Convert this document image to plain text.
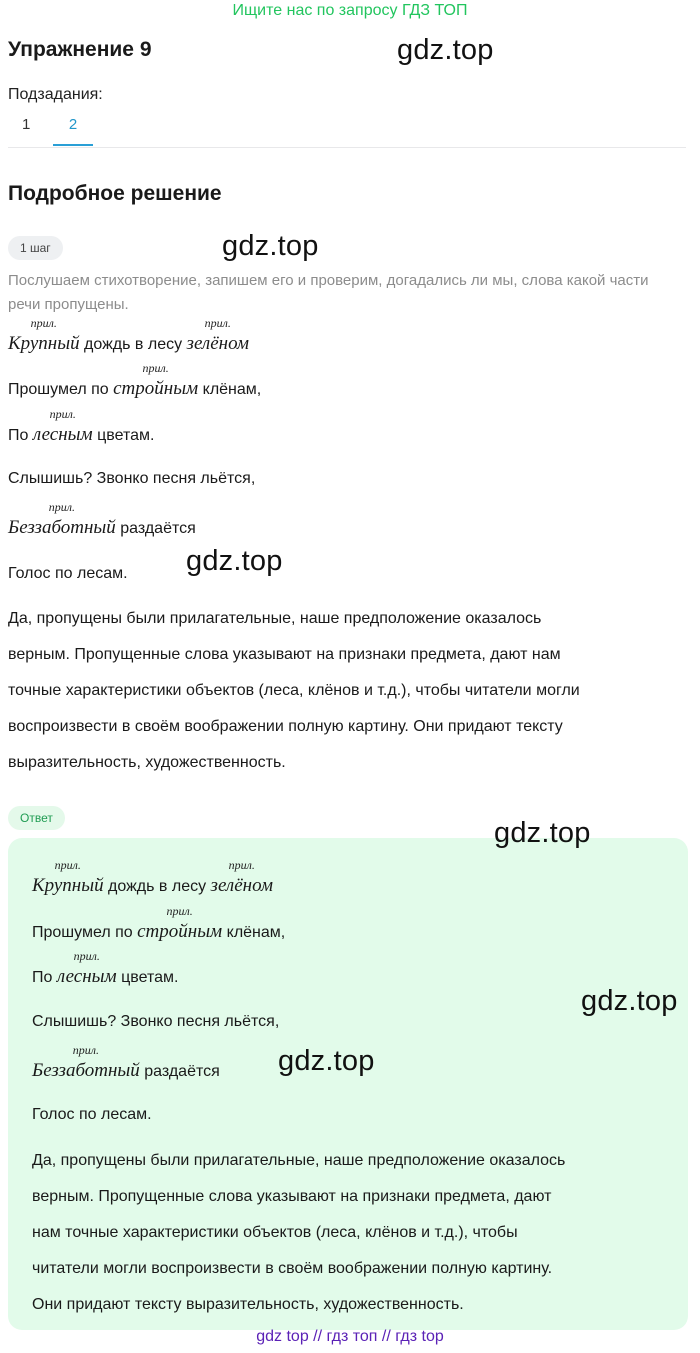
Ищите нас по запросу ГДЗ ТОП
Упражнение 9	gdz.top
Подзадания:
1	2
Подробное решение
1 шаг	gdz.top
Послушаем стихотворение, запишем его и проверим, догадались ли мы, слова какой части речи пропущены.
прил.
Крупный дождь в лесу
прил.
зелёном
Прошумел по
прил.
стройным клёнам,
По
прил.
лесным цветам.
Слышишь? Звонко песня льётся,
прил.
Беззаботный раздаётся
Голос по лесам. gdz.top
Да, пропущены были прилагательные, наше предположение оказалось
верным. Пропущенные слова указывают на признаки предмета, дают нам
точные характеристики объектов (леса, клёнов и т.д.), чтобы читатели могли
воспроизвести в своём воображении полную картину. Они придают тексту
выразительность, художественность.
Ответ	gdz.top
прил.
Крупный дождь в лесу
прил.
зелёном
Прошумел по
прил.
стройным клёнам,
По
прил.
лесным цветам.
Слышишь? Звонко песня льётся,
gdz.top
прил.
Беззаботный раздаётся gdz.top
Голос по лесам.
Да, пропущены были прилагательные, наше предположение оказалось
верным. Пропущенные слова указывают на признаки предмета, дают
нам точные характеристики объектов (леса, клёнов и т.д.), чтобы
читатели могли воспроизвести в своём воображении полную картину.
Они придают тексту выразительность, художественность.
gdz top // гдз топ // гдз top
